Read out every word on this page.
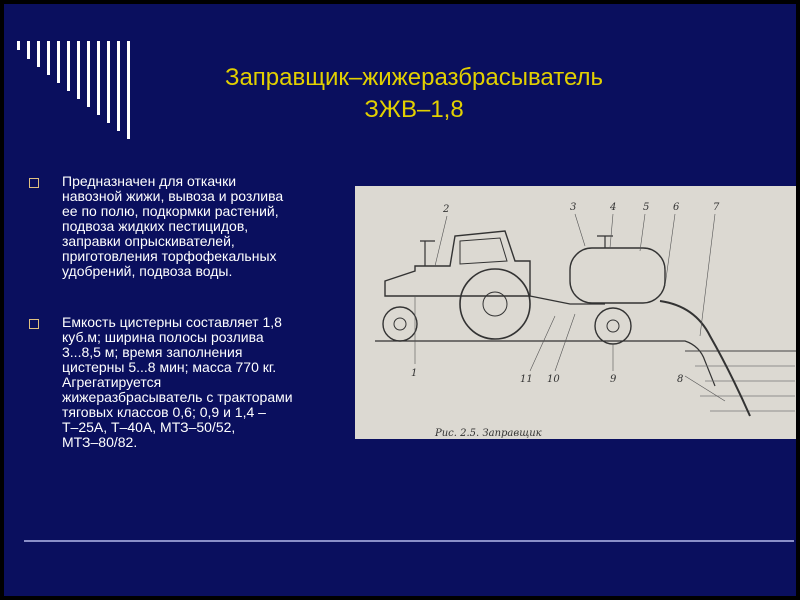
Заправщик–жижеразбрасыватель
ЗЖВ–1,8
Предназначен для откачки
навозной жижи, вывоза и розлива
ее по полю, подкормки растений,
подвоза жидких пестицидов,
заправки опрыскивателей,
приготовления торфофекальных
удобрений, подвоза воды.
Емкость цистерны составляет 1,8
куб.м; ширина полосы розлива
3...8,5 м; время заполнения
цистерны 5...8 мин; масса 770 кг.
Агрегатируется
жижеразбрасыватель с тракторами
тяговых классов 0,6; 0,9 и 1,4 –
Т–25А, Т–40А, МТЗ–50/52,
МТЗ–80/82.
2	3	4	5 6	7
1
11 10	9	8
Рис. 2.5. Заправщик
